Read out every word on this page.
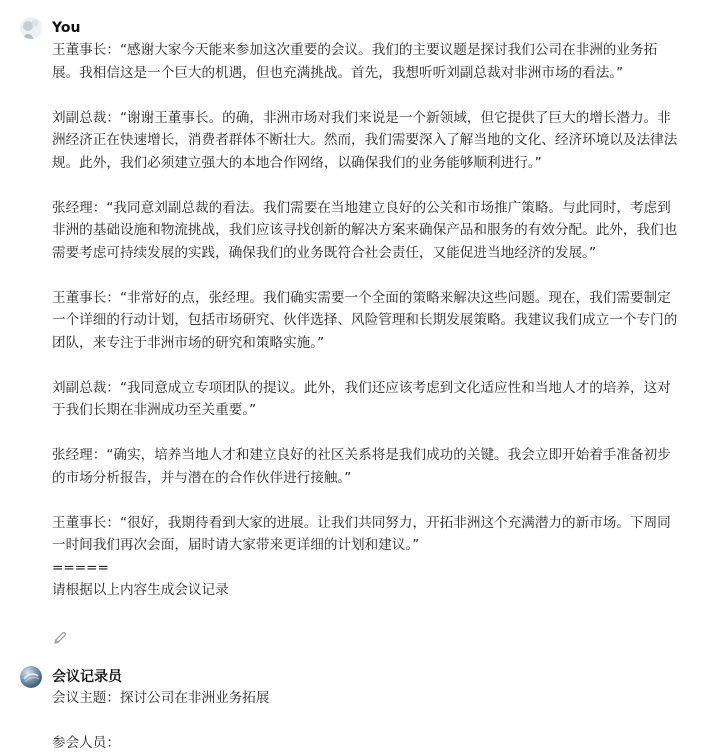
You

王董事长：“感谢大家今天能来参加这次重要的会议。我们的主要议题是探讨我们公司在非洲的业务拓展。我相信这是一个巨大的机遇，但也充满挑战。首先，我想听听刘副总裁对非洲市场的看法。”

刘副总裁：“谢谢王董事长。的确，非洲市场对我们来说是一个新领域，但它提供了巨大的增长潜力。非洲经济正在快速增长，消费者群体不断壮大。然而，我们需要深入了解当地的文化、经济环境以及法律法规。此外，我们必须建立强大的本地合作网络，以确保我们的业务能够顺利进行。”

张经理：“我同意刘副总裁的看法。我们需要在当地建立良好的公关和市场推广策略。与此同时，考虑到非洲的基础设施和物流挑战，我们应该寻找创新的解决方案来确保产品和服务的有效分配。此外，我们也需要考虑可持续发展的实践，确保我们的业务既符合社会责任，又能促进当地经济的发展。”

王董事长：“非常好的点，张经理。我们确实需要一个全面的策略来解决这些问题。现在，我们需要制定一个详细的行动计划，包括市场研究、伙伴选择、风险管理和长期发展策略。我建议我们成立一个专门的团队，来专注于非洲市场的研究和策略实施。”

刘副总裁：“我同意成立专项团队的提议。此外，我们还应该考虑到文化适应性和当地人才的培养，这对于我们长期在非洲成功至关重要。”

张经理：“确实，培养当地人才和建立良好的社区关系将是我们成功的关键。我会立即开始着手准备初步的市场分析报告，并与潜在的合作伙伴进行接触。”

王董事长：“很好，我期待看到大家的进展。让我们共同努力，开拓非洲这个充满潜力的新市场。下周同一时间我们再次会面，届时请大家带来更详细的计划和建议。”

=====

请根据以上内容生成会议记录

会议记录员

会议主题：探讨公司在非洲业务拓展

参会人员：
